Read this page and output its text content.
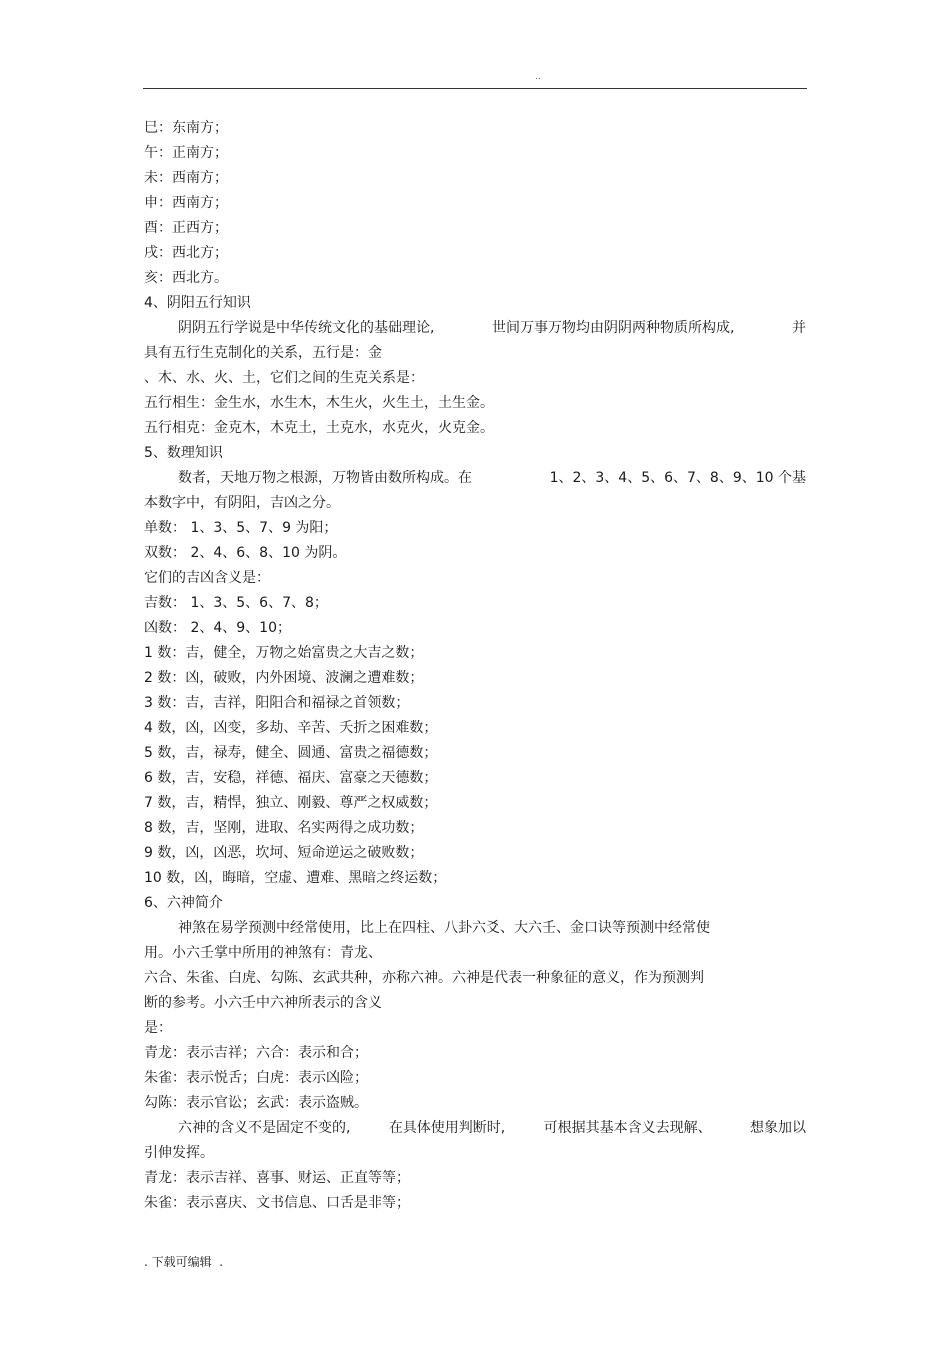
..
巳：东南方；
午：正南方；
未：西南方；
申：西南方；
酉：正西方；
戌：西北方；
亥：西北方。
4、阴阳五行知识
阴阴五行学说是中华传统文化的基础理论,	世间万事万物均由阴阴两种物质所构成,	并
具有五行生克制化的关系，五行是：金
、木、水、火、土，它们之间的生克关系是：
五行相生：金生水，水生木，木生火，火生土，土生金。
五行相克：金克木，木克土，土克水，水克火，火克金。
5、数理知识
数者，天地万物之根源，万物皆由数所构成。在	1、2、3、4、5、6、7、8、9、10 个基
本数字中，有阴阳，吉凶之分。
单数： 1、3、5、7、9 为阳；
双数： 2、4、6、8、10 为阴。
它们的吉凶含义是：
吉数： 1、3、5、6、7、8；
凶数： 2、4、9、10；
1 数：吉，健全，万物之始富贵之大吉之数；
2 数：凶，破败，内外困境、波澜之遭难数；
3 数：吉，吉祥，阳阳合和福禄之首领数；
4 数，凶，凶变，多劫、辛苦、夭折之困难数；
5 数，吉，禄寿，健全、圆通、富贵之福德数；
6 数，吉，安稳，祥德、福庆、富豪之天德数；
7 数，吉，精悍，独立、刚毅、尊严之权威数；
8 数，吉，坚刚，进取、名实两得之成功数；
9 数，凶，凶恶，坎坷、短命逆运之破败数；
10 数，凶，晦暗，空虚、遭难、黑暗之终运数；
6、六神简介
神煞在易学预测中经常使用，比上在四柱、八卦六爻、大六壬、金口诀等预测中经常使
用。小六壬掌中所用的神煞有：青龙、
六合、朱雀、白虎、勾陈、玄武共种，亦称六神。六神是代表一种象征的意义，作为预测判
断的参考。小六壬中六神所表示的含义
是：
青龙：表示吉祥；六合：表示和合；
朱雀：表示悦舌；白虎：表示凶险；
勾陈：表示官讼；玄武：表示盗贼。
六神的含义不是固定不变的,	在具体使用判断时,	可根据其基本含义去现解、	想象加以
引伸发挥。
青龙：表示吉祥、喜事、财运、正直等等；
朱雀：表示喜庆、文书信息、口舌是非等；
. 下载可编辑  .
